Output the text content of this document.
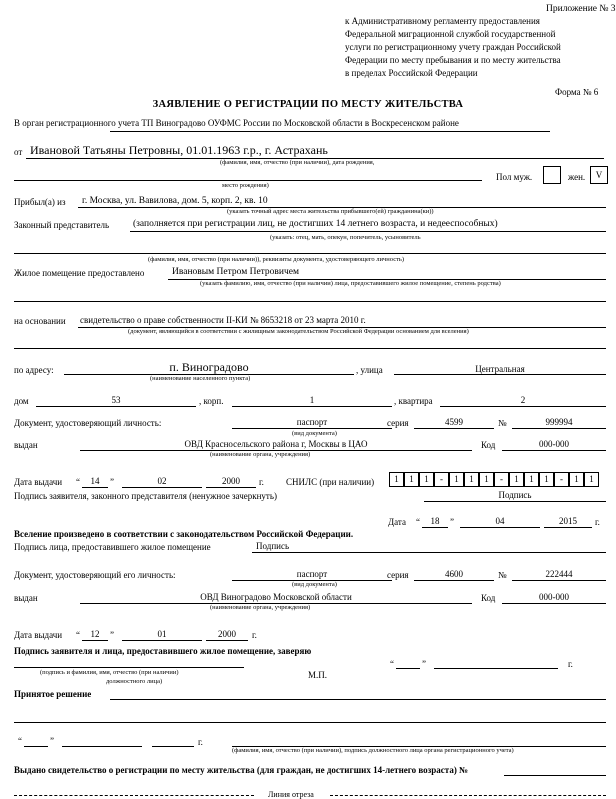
Приложение № 3
к Административному регламенту предоставления
Федеральной миграционной службой государственной
услуги по регистрационному учету граждан Российской
Федерации по месту пребывания и по месту жительства
в пределах Российской Федерации
Форма № 6
ЗАЯВЛЕНИЕ О РЕГИСТРАЦИИ ПО МЕСТУ ЖИТЕЛЬСТВА
В орган регистрационного учета ТП Виноградово ОУФМС России по Московской области в Воскресенском районе
от Ивановой Татьяны Петровны, 01.01.1963 г.р., г. Астрахань
(фамилия, имя, отчество (при наличии), дата рождения,
Пол муж.	жен.	V
место рождения)
Прибыл(а) из г. Москва, ул. Вавилова, дом. 5, корп. 2, кв. 10
(указать точный адрес места жительства прибывшего(ей) гражданина(ки))
Законный представитель	(заполняется при регистрации лиц, не достигших 14 летнего возраста, и недееспособных)
(указать: отец, мать, опекун, попечитель, усыновитель
(фамилия, имя, отчество (при наличии)), реквизиты документа, удостоверяющего личность)
Жилое помещение предоставлено	Ивановым Петром Петровичем
(указать фамилию, имя, отчество (при наличии) лица, предоставившего жилое помещение, степень родства)
на основании свидетельство о праве собственности II-КИ № 8653218 от 23 марта 2010 г.
(документ, являющийся в соответствии с жилищным законодательством Российской Федерации основанием для вселения)
по адресу:	п. Виноградово
(наименование населенного пункта)
, улица	Центральная
дом	53	, корп.	1	, квартира	2
Документ, удостоверяющий личность:	паспорт
(вид документа)
серия	4599	№	999994
выдан	ОВД Красносельского района г, Москвы в ЦАО
(наименование органа, учреждения)
Код	000-000
Дата выдачи “	14	”	02	2000	г. СНИЛС (при наличии)	1	1	1	-	1	1	1	-	1	1	1	-	1	1
Подпись заявителя, законного представителя (ненужное зачеркнуть)	Подпись
Дата “	18	”	04	2015	г.
Вселение произведено в соответствии с законодательством Российской Федерации.
Подпись лица, предоставившего жилое помещение	Подпись
Документ, удостоверяющий его личность:	паспорт
(вид документа)
серия	4600	№	222444
выдан	ОВД Виноградово Московской области
(наименование органа, учреждения)
Код	000-000
Дата выдачи “	12	”	01	2000	г.
Подпись заявителя и лица, предоставившего жилое помещение, заверяю
(подпись и фамилия, имя, отчество (при наличии)
должностного лица)
М.П.
“	”	г.
Принятое решение
“	”	г.
(фамилия, имя, отчество (при наличии), подпись должностного лица органа регистрационного учета)
Выдано свидетельство о регистрации по месту жительства (для граждан, не достигших 14-летнего возраста) №
Линия отреза
